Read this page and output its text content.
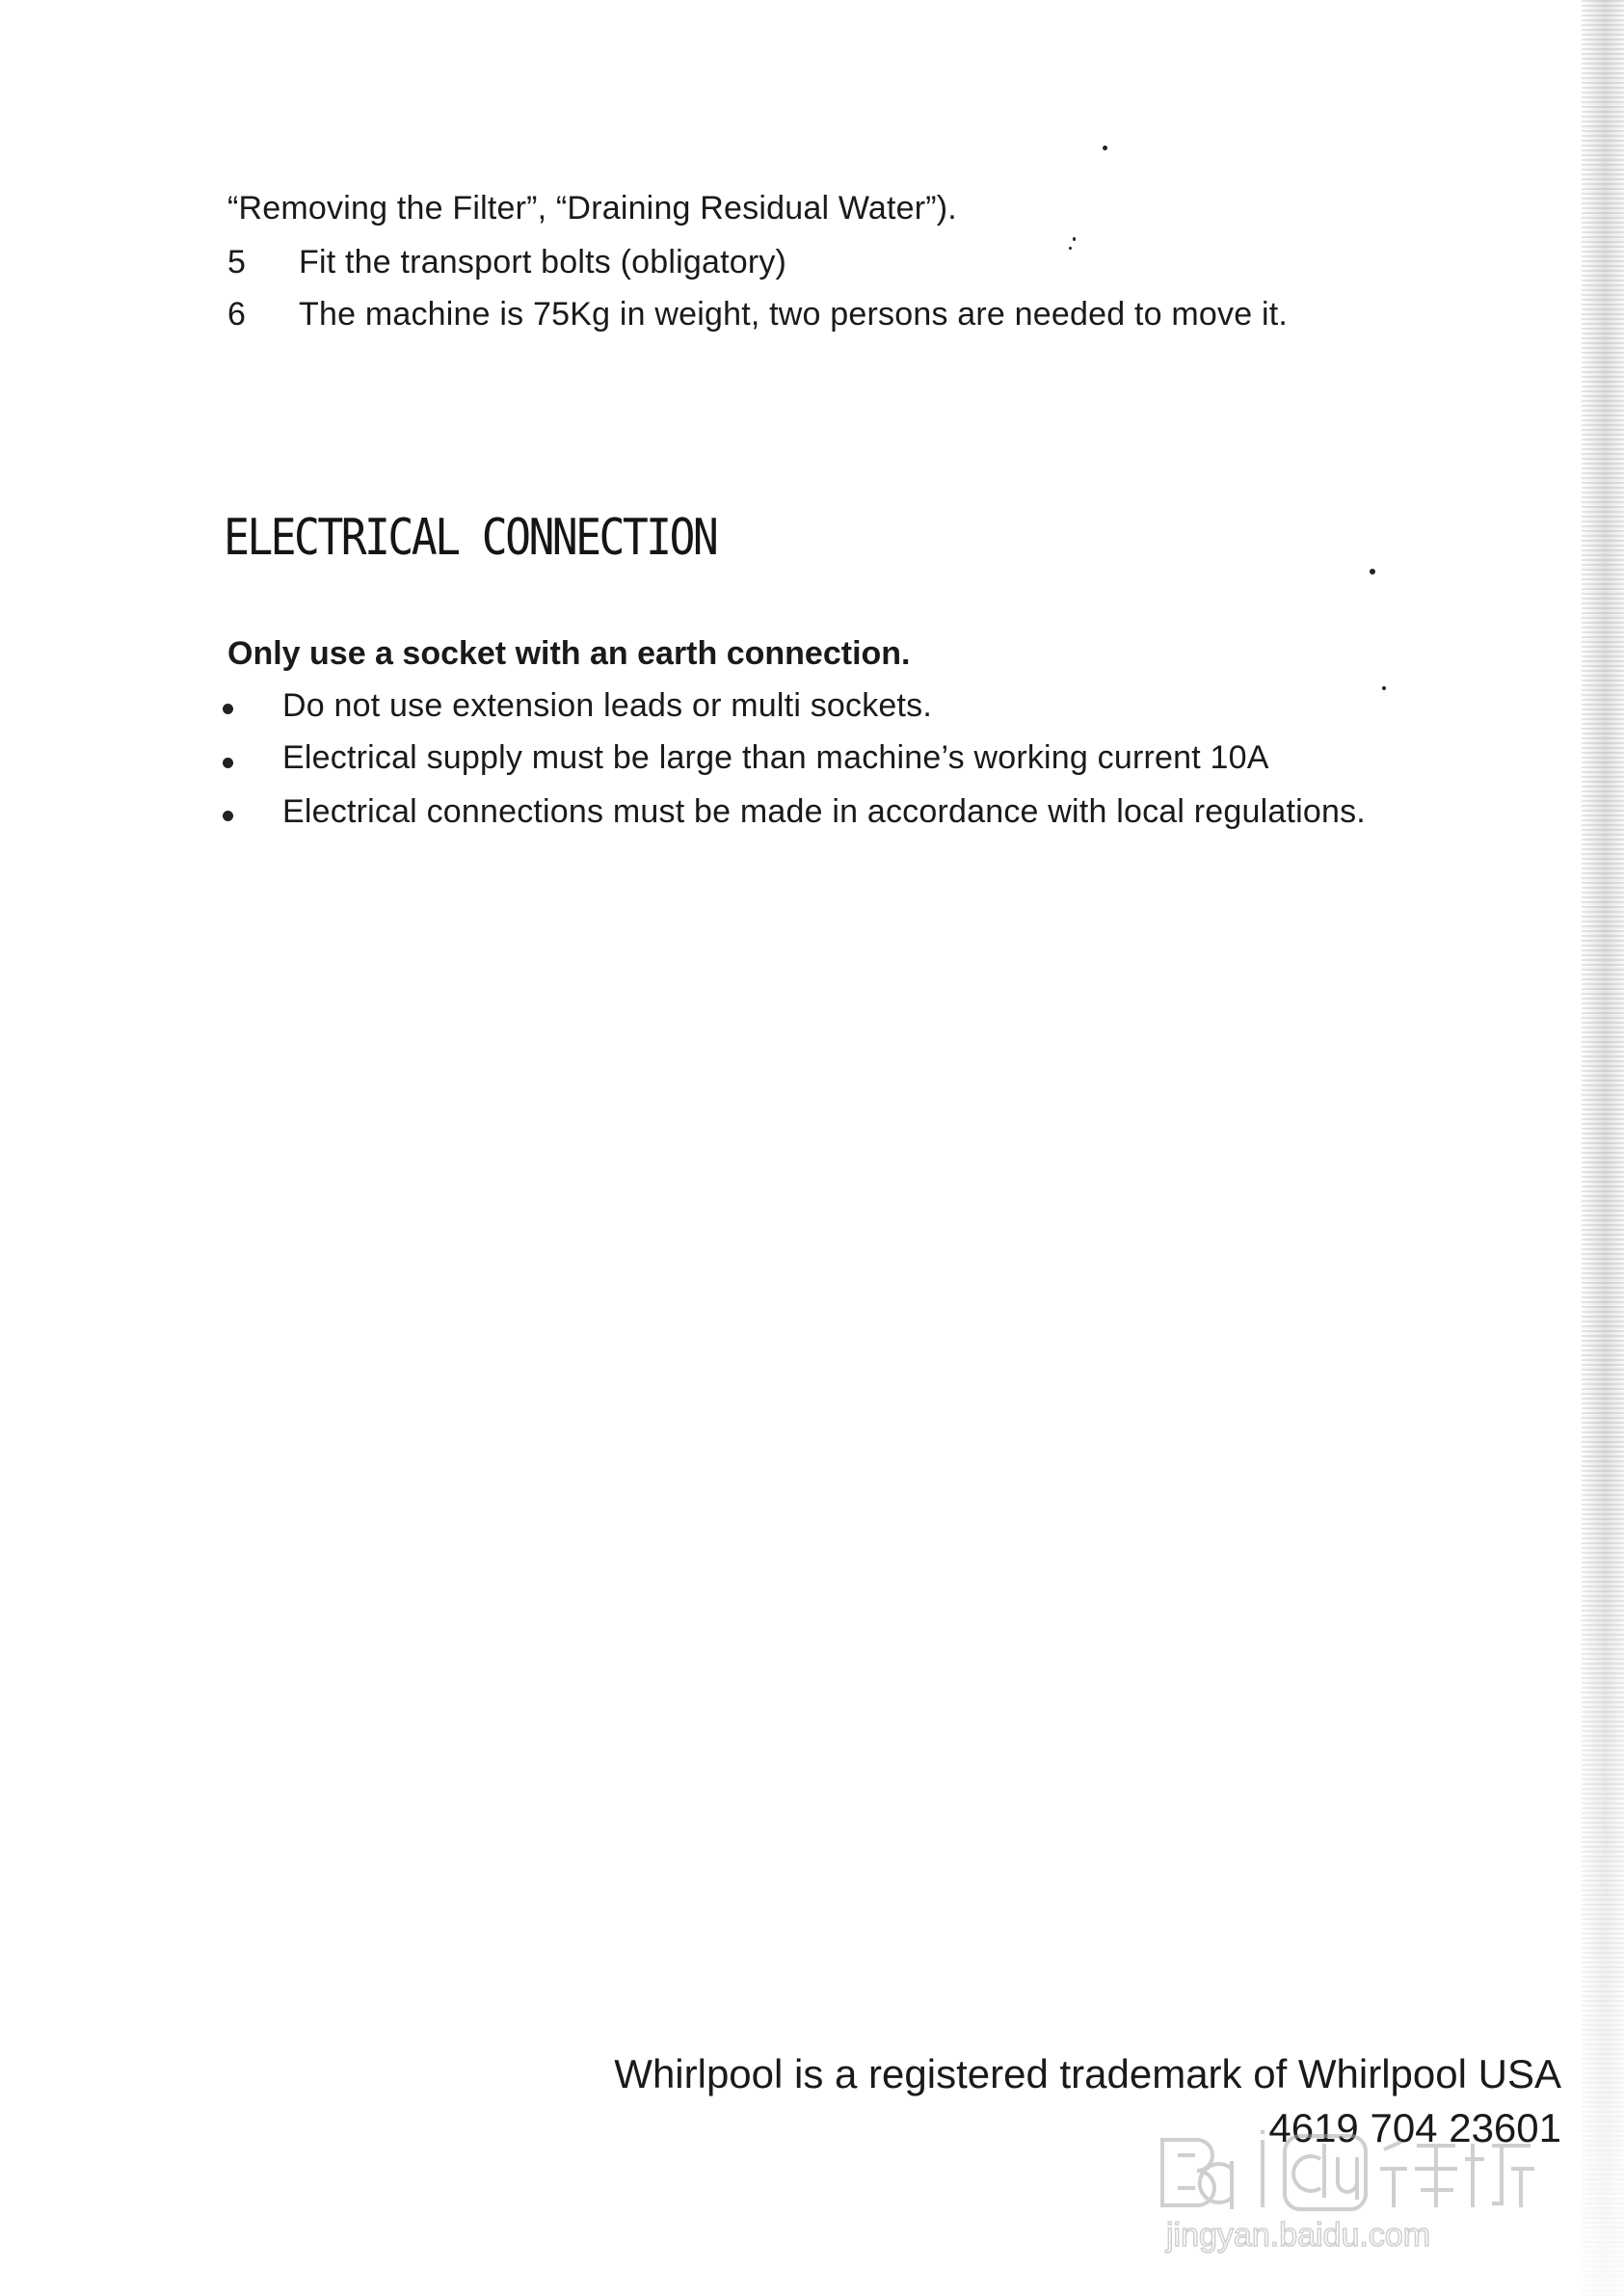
“Removing the Filter”, “Draining Residual Water”).
5 Fit the transport bolts (obligatory)
6 The machine is 75Kg in weight, two persons are needed to move it.
ELECTRICAL CONNECTION
Only use a socket with an earth connection.
Do not use extension leads or multi sockets.
Electrical supply must be large than machine’s working current 10A
Electrical connections must be made in accordance with local regulations.
Whirlpool is a registered trademark of Whirlpool USA
4619 704 23601
jingyan.baidu.com
